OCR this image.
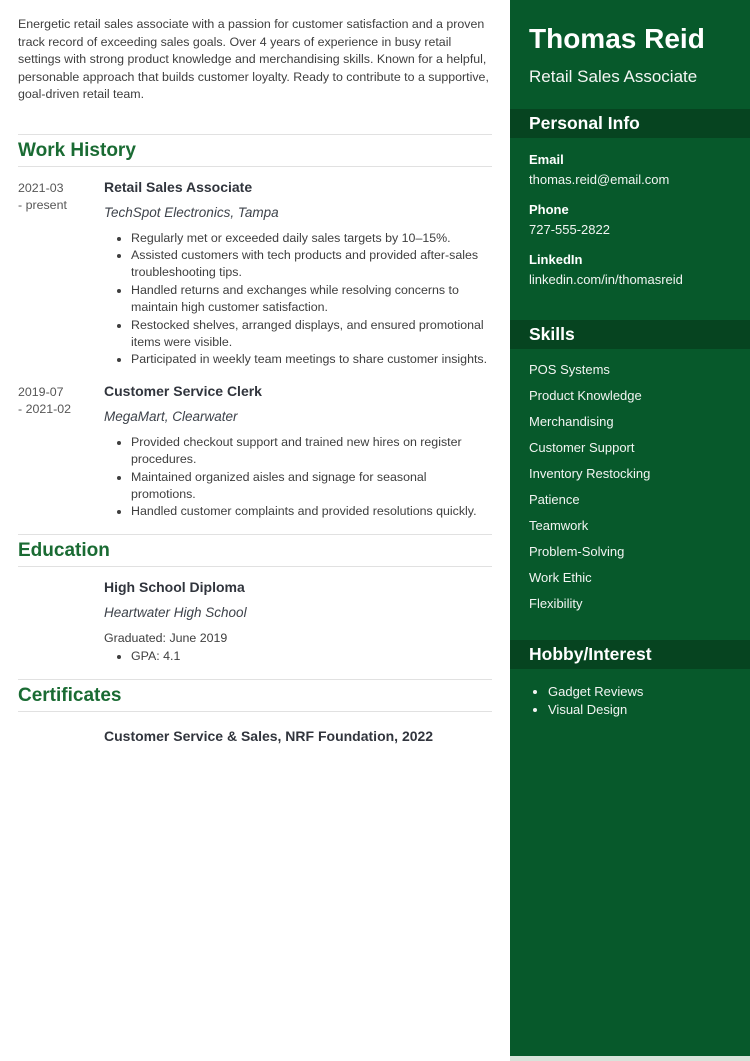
Energetic retail sales associate with a passion for customer satisfaction and a proven track record of exceeding sales goals. Over 4 years of experience in busy retail settings with strong product knowledge and merchandising skills. Known for a helpful, personable approach that builds customer loyalty. Ready to contribute to a supportive, goal-driven retail team.

Work History
2021-03
- present
Retail Sales Associate
TechSpot Electronics, Tampa
• Regularly met or exceeded daily sales targets by 10–15%.
• Assisted customers with tech products and provided after-sales troubleshooting tips.
• Handled returns and exchanges while resolving concerns to maintain high customer satisfaction.
• Restocked shelves, arranged displays, and ensured promotional items were visible.
• Participated in weekly team meetings to share customer insights.
2019-07
- 2021-02
Customer Service Clerk
MegaMart, Clearwater
• Provided checkout support and trained new hires on register procedures.
• Maintained organized aisles and signage for seasonal promotions.
• Handled customer complaints and provided resolutions quickly.
Education
High School Diploma
Heartwater High School
Graduated: June 2019
• GPA: 4.1
Certificates
Customer Service & Sales, NRF Foundation, 2022
Thomas Reid
Retail Sales Associate
Personal Info
Email
thomas.reid@email.com
Phone
727-555-2822
LinkedIn
linkedin.com/in/thomasreid
Skills
POS Systems
Product Knowledge
Merchandising
Customer Support
Inventory Restocking
Patience
Teamwork
Problem-Solving
Work Ethic
Flexibility
Hobby/Interest
• Gadget Reviews
• Visual Design
